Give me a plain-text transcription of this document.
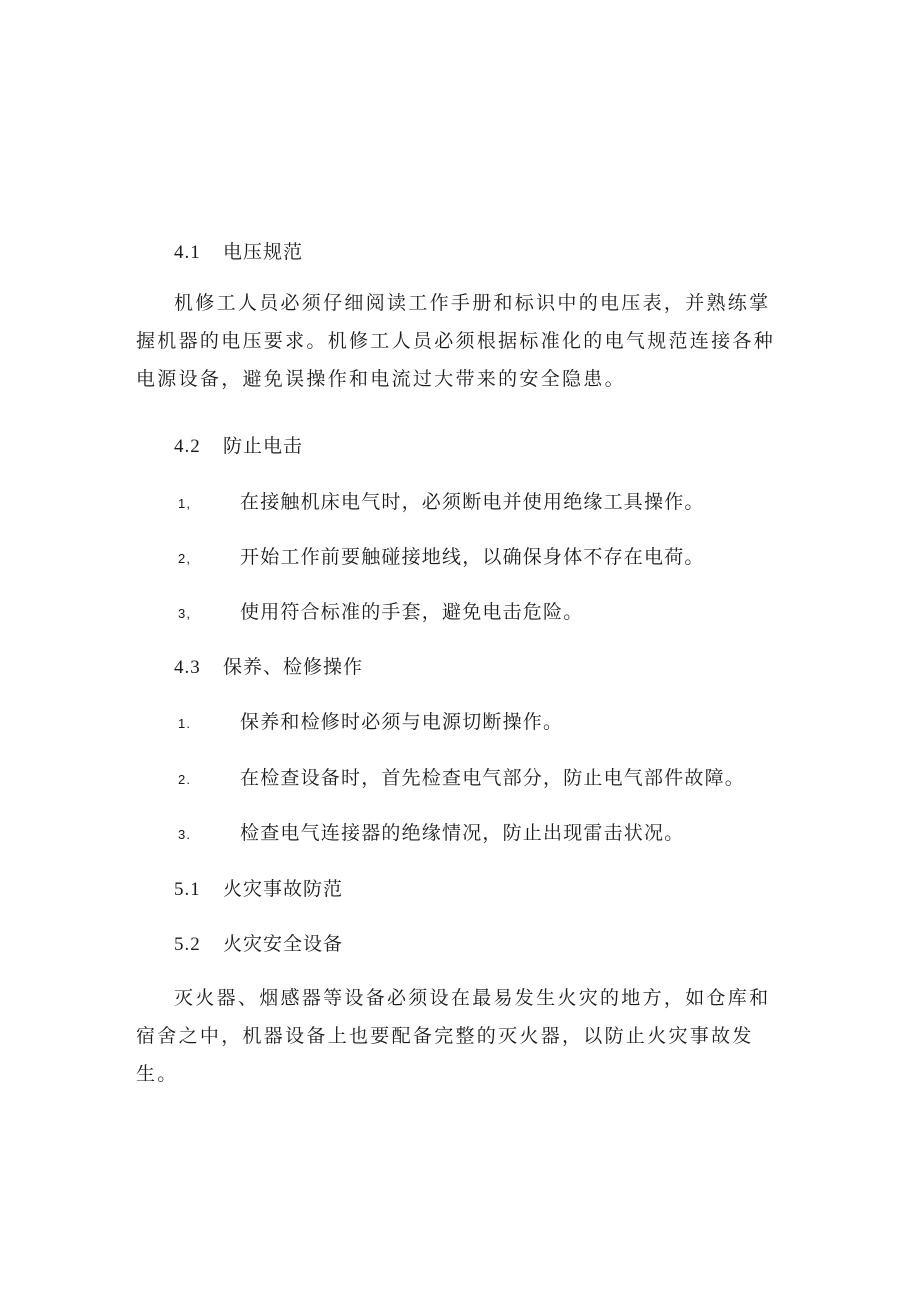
4.1 电压规范
机修工人员必须仔细阅读工作手册和标识中的电压表，并熟练掌握机器的电压要求。机修工人员必须根据标准化的电气规范连接各种电源设备，避免误操作和电流过大带来的安全隐患。
4.2 防止电击
1,	在接触机床电气时，必须断电并使用绝缘工具操作。
2,	开始工作前要触碰接地线，以确保身体不存在电荷。
3,	使用符合标准的手套，避免电击危险。
4.3 保养、检修操作
1.	保养和检修时必须与电源切断操作。
2.	在检查设备时，首先检查电气部分，防止电气部件故障。
3.	检查电气连接器的绝缘情况，防止出现雷击状况。
5.1 火灾事故防范
5.2 火灾安全设备
灭火器、烟感器等设备必须设在最易发生火灾的地方，如仓库和宿舍之中，机器设备上也要配备完整的灭火器，以防止火灾事故发生。
